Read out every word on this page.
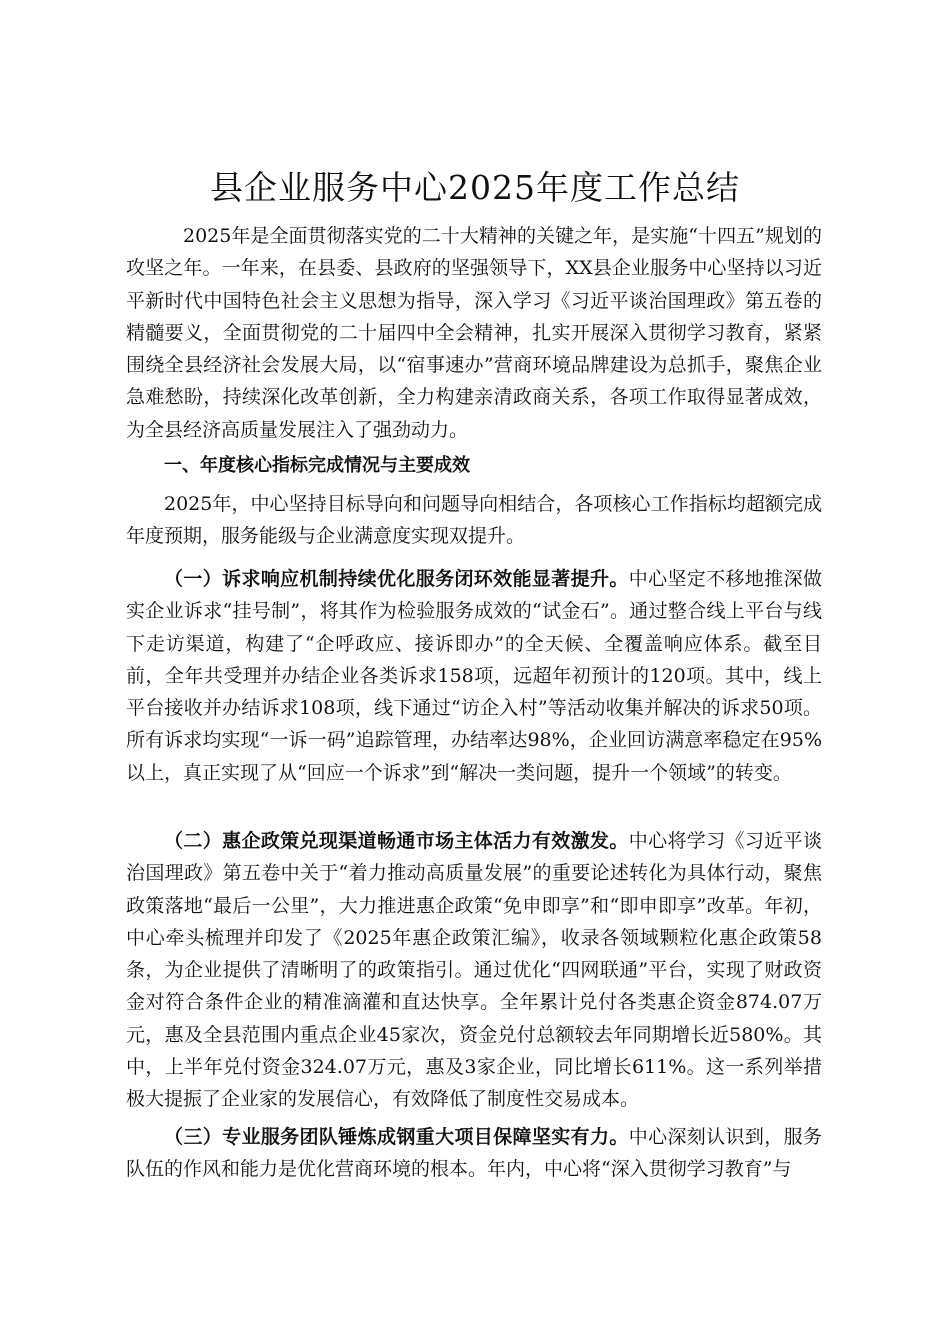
县企业服务中心2025年度工作总结

2025年是全面贯彻落实党的二十大精神的关键之年，是实施“十四五”规划的攻坚之年。一年来，在县委、县政府的坚强领导下，XX县企业服务中心坚持以习近平新时代中国特色社会主义思想为指导，深入学习《习近平谈治国理政》第五卷的精髓要义，全面贯彻党的二十届四中全会精神，扎实开展深入贯彻学习教育，紧紧围绕全县经济社会发展大局，以“宿事速办”营商环境品牌建设为总抓手，聚焦企业急难愁盼，持续深化改革创新，全力构建亲清政商关系，各项工作取得显著成效，为全县经济高质量发展注入了强劲动力。

一、年度核心指标完成情况与主要成效

2025年，中心坚持目标导向和问题导向相结合，各项核心工作指标均超额完成年度预期，服务能级与企业满意度实现双提升。

（一）诉求响应机制持续优化服务闭环效能显著提升。中心坚定不移地推深做实企业诉求“挂号制”，将其作为检验服务成效的“试金石”。通过整合线上平台与线下走访渠道，构建了“企呼政应、接诉即办”的全天候、全覆盖响应体系。截至目前，全年共受理并办结企业各类诉求158项，远超年初预计的120项。其中，线上平台接收并办结诉求108项，线下通过“访企入村”等活动收集并解决的诉求50项。所有诉求均实现“一诉一码”追踪管理，办结率达98%，企业回访满意率稳定在95%以上，真正实现了从“回应一个诉求”到“解决一类问题，提升一个领域”的转变。

（二）惠企政策兑现渠道畅通市场主体活力有效激发。中心将学习《习近平谈治国理政》第五卷中关于“着力推动高质量发展”的重要论述转化为具体行动，聚焦政策落地“最后一公里”，大力推进惠企政策“免申即享”和“即申即享”改革。年初，中心牵头梳理并印发了《2025年惠企政策汇编》，收录各领域颗粒化惠企政策58条，为企业提供了清晰明了的政策指引。通过优化“四网联通”平台，实现了财政资金对符合条件企业的精准滴灌和直达快享。全年累计兑付各类惠企资金874.07万元，惠及全县范围内重点企业45家次，资金兑付总额较去年同期增长近580%。其中，上半年兑付资金324.07万元，惠及3家企业，同比增长611%。这一系列举措极大提振了企业家的发展信心，有效降低了制度性交易成本。

（三）专业服务团队锤炼成钢重大项目保障坚实有力。中心深刻认识到，服务队伍的作风和能力是优化营商环境的根本。年内，中心将“深入贯彻学习教育”与
